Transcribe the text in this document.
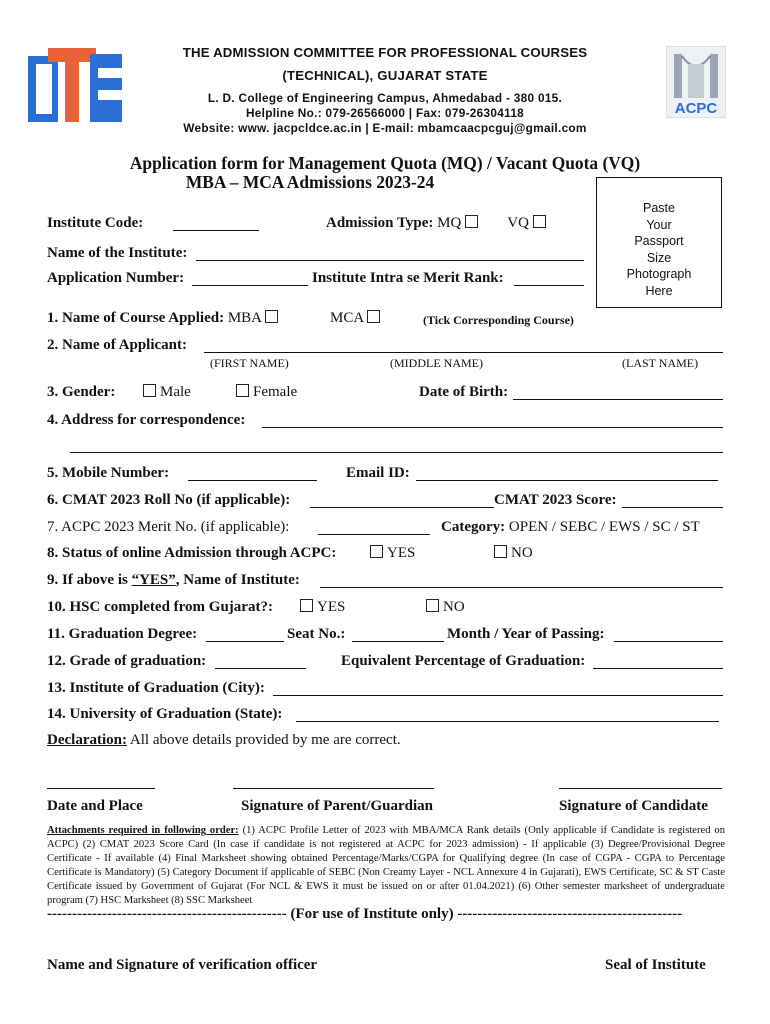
THE ADMISSION COMMITTEE FOR PROFESSIONAL COURSES
(TECHNICAL), GUJARAT STATE
L. D. College of Engineering Campus, Ahmedabad - 380 015.
Helpline No.: 079-26566000 | Fax: 079-26304118
Website: www. jacpcldce.ac.in | E-mail: mbamcaacpcguj@gmail.com
ACPC
Application form for Management Quota (MQ) / Vacant Quota (VQ)
MBA – MCA Admissions 2023-24
Paste
Your
Passport
Size
Photograph
Here
Institute Code:	Admission Type: MQ	VQ
Name of the Institute:
Application Number:	Institute Intra se Merit Rank:
1. Name of Course Applied: MBA	MCA	(Tick Corresponding Course)
2. Name of Applicant:
(FIRST NAME)	(MIDDLE NAME)	(LAST NAME)
3. Gender:	Male	Female	Date of Birth:
4. Address for correspondence:
5. Mobile Number:	Email ID:
6. CMAT 2023 Roll No (if applicable):	CMAT 2023 Score:
7. ACPC 2023 Merit No. (if applicable):	Category: OPEN / SEBC / EWS / SC / ST
8. Status of online Admission through ACPC:	YES	NO
9. If above is “YES”, Name of Institute:
10. HSC completed from Gujarat?:	YES	NO
11. Graduation Degree:	Seat No.:	Month / Year of Passing:
12. Grade of graduation:	Equivalent Percentage of Graduation:
13. Institute of Graduation (City):
14. University of Graduation (State):
Declaration: All above details provided by me are correct.
Date and Place	Signature of Parent/Guardian	Signature of Candidate
Attachments required in following order: (1) ACPC Profile Letter of 2023 with MBA/MCA Rank details (Only applicable if Candidate is registered on ACPC) (2) CMAT 2023 Score Card (In case if candidate is not registered at ACPC for 2023 admission) - If applicable (3) Degree/Provisional Degree Certificate - If available (4) Final Marksheet showing obtained Percentage/Marks/CGPA for Qualifying degree (In case of CGPA - CGPA to Percentage Certificate is Mandatory) (5) Category Document if applicable of SEBC (Non Creamy Layer - NCL Annexure 4 in Gujarati), EWS Certificate, SC & ST Caste Certificate issued by Government of Gujarat (For NCL & EWS it must be issued on or after 01.04.2021) (6) Other semester marksheet of undergraduate program (7) HSC Marksheet (8) SSC Marksheet
------------------------------------------------ (For use of Institute only) ---------------------------------------------
Name and Signature of verification officer	Seal of Institute
